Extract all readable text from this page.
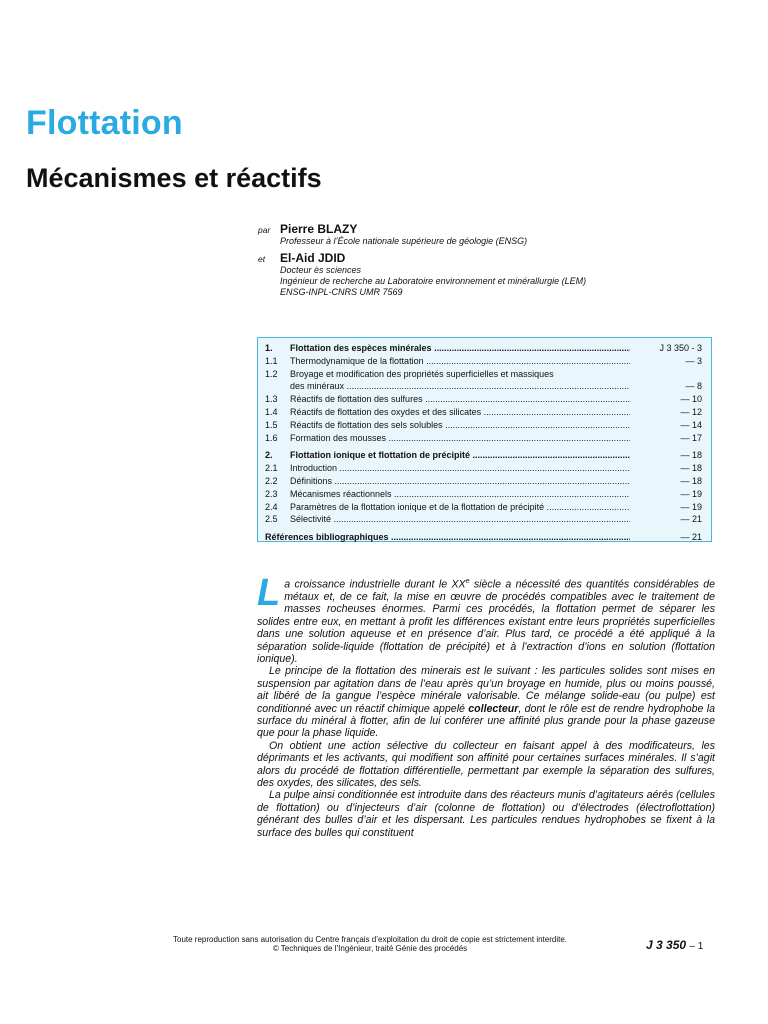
Flottation
Mécanismes et réactifs
par Pierre BLAZY
Professeur à l’École nationale supérieure de géologie (ENSG)
et	El-Aid JDID
Docteur ès sciences
Ingénieur de recherche au Laboratoire environnement et minérallurgie (LEM)
ENSG-INPL-CNRS UMR 7569
1.	Flottation des espèces minérales .....	J 3 350 - 3
1.1	Thermodynamique de la flottation .....	— 3
1.2	Broyage et modification des propriétés superficielles et massiques
des minéraux .....	— 8
1.3	Réactifs de flottation des sulfures .....	— 10
1.4	Réactifs de flottation des oxydes et des silicates .....	— 12
1.5	Réactifs de flottation des sels solubles .....	— 14
1.6	Formation des mousses .....	— 17
2.	Flottation ionique et flottation de précipité .....	— 18
2.1	Introduction .....	— 18
2.2	Définitions .....	— 18
2.3	Mécanismes réactionnels .....	— 19
2.4	Paramètres de la flottation ionique et de la flottation de précipité .....	— 19
2.5	Sélectivité .....	— 21
Références bibliographiques .....	— 21

La croissance industrielle durant le XXe siècle a nécessité des quantités considérables de métaux et, de ce fait, la mise en œuvre de procédés compatibles avec le traitement de masses rocheuses énormes. Parmi ces procédés, la flottation permet de séparer les solides entre eux, en mettant à profit les différences existant entre leurs propriétés superficielles dans une solution aqueuse et en présence d’air. Plus tard, ce procédé a été appliqué à la séparation solide-liquide (flottation de précipité) et à l’extraction d’ions en solution (flottation ionique).

Le principe de la flottation des minerais est le suivant : les particules solides sont mises en suspension par agitation dans de l’eau après qu’un broyage en humide, plus ou moins poussé, ait libéré de la gangue l’espèce minérale valorisable. Ce mélange solide-eau (ou pulpe) est conditionné avec un réactif chimique appelé collecteur, dont le rôle est de rendre hydrophobe la surface du minéral à flotter, afin de lui conférer une affinité plus grande pour la phase gazeuse que pour la phase liquide.

On obtient une action sélective du collecteur en faisant appel à des modificateurs, les déprimants et les activants, qui modifient son affinité pour certaines surfaces minérales. Il s’agit alors du procédé de flottation différentielle, permettant par exemple la séparation des sulfures, des oxydes, des silicates, des sels.

La pulpe ainsi conditionnée est introduite dans des réacteurs munis d’agitateurs aérés (cellules de flottation) ou d’injecteurs d’air (colonne de flottation) ou d’électrodes (électroflottation) générant des bulles d’air et les dispersant. Les particules rendues hydrophobes se fixent à la surface des bulles qui constituent

Toute reproduction sans autorisation du Centre français d’exploitation du droit de copie est strictement interdite.
© Techniques de l’Ingénieur, traité Génie des procédés	J 3 350 – 1
